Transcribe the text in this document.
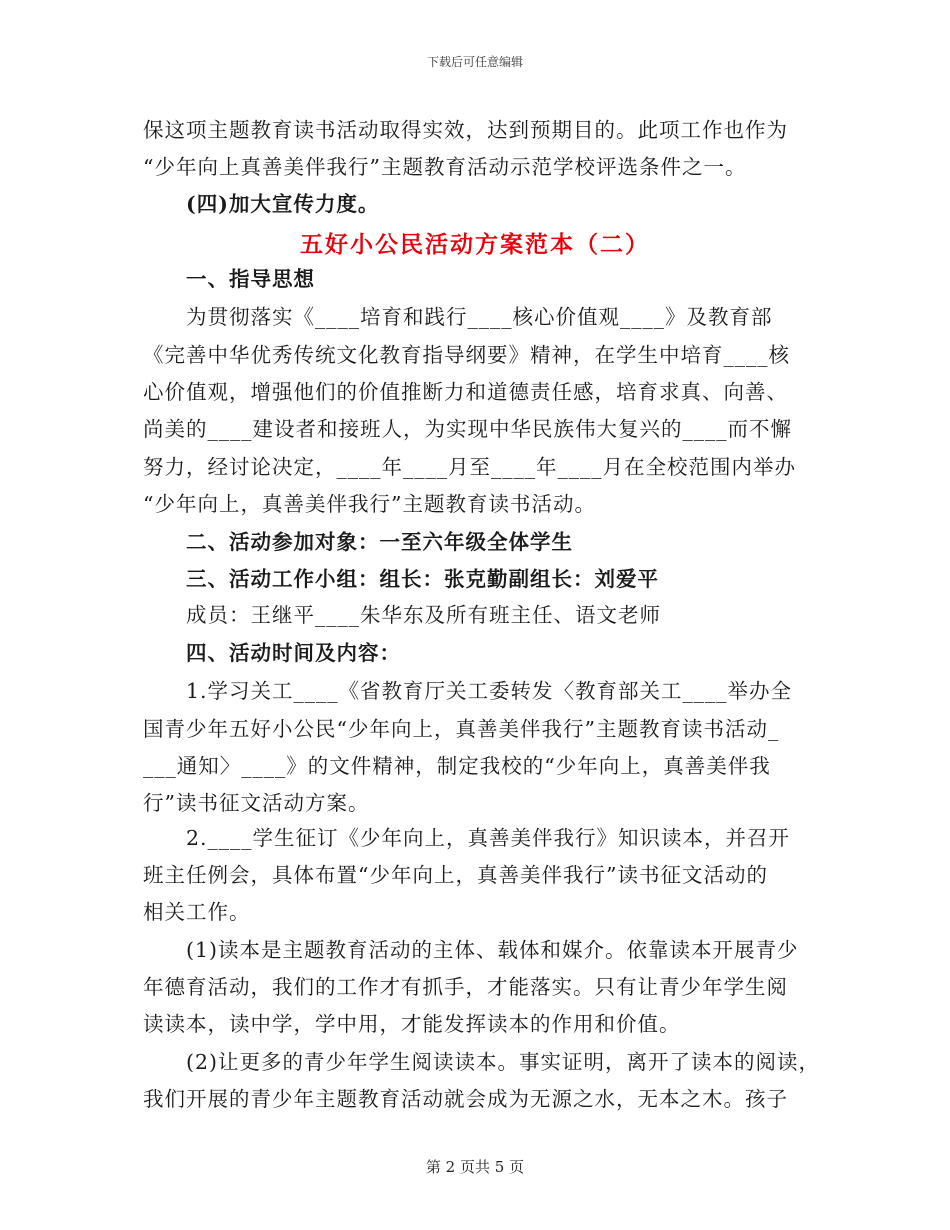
下载后可任意编辑
保这项主题教育读书活动取得实效，达到预期目的。此项工作也作为
“少年向上真善美伴我行”主题教育活动示范学校评选条件之一。
(四)加大宣传力度。
五好小公民活动方案范本（二）
一、指导思想
为贯彻落实《____培育和践行____核心价值观____》及教育部
《完善中华优秀传统文化教育指导纲要》精神，在学生中培育____核
心价值观，增强他们的价值推断力和道德责任感，培育求真、向善、
尚美的____建设者和接班人，为实现中华民族伟大复兴的____而不懈
努力，经讨论决定，____年____月至____年____月在全校范围内举办
“少年向上，真善美伴我行”主题教育读书活动。
二、活动参加对象：一至六年级全体学生
三、活动工作小组：组长：张克勤副组长：刘爱平
成员：王继平____朱华东及所有班主任、语文老师
四、活动时间及内容：
1.学习关工____《省教育厅关工委转发〈教育部关工____举办全
国青少年五好小公民“少年向上，真善美伴我行”主题教育读书活动_
___通知〉____》的文件精神，制定我校的“少年向上，真善美伴我
行”读书征文活动方案。
2.____学生征订《少年向上，真善美伴我行》知识读本，并召开
班主任例会，具体布置“少年向上，真善美伴我行”读书征文活动的
相关工作。
(1)读本是主题教育活动的主体、载体和媒介。依靠读本开展青少
年德育活动，我们的工作才有抓手，才能落实。只有让青少年学生阅
读读本，读中学，学中用，才能发挥读本的作用和价值。
(2)让更多的青少年学生阅读读本。事实证明，离开了读本的阅读，
我们开展的青少年主题教育活动就会成为无源之水，无本之木。孩子
第 2 页共 5 页
